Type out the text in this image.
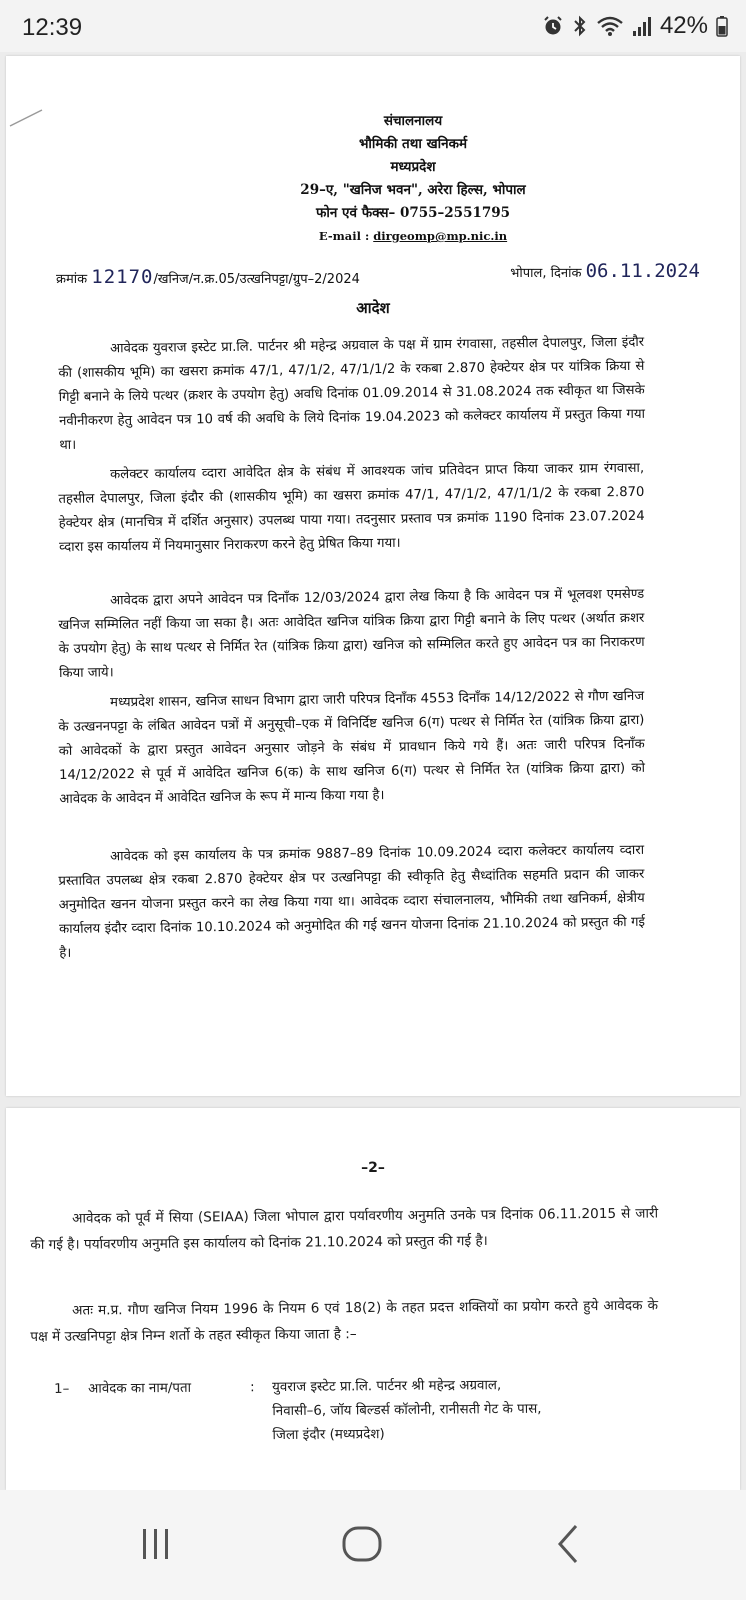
12:39	42%
संचालनालय
भौमिकी तथा खनिकर्म
मध्यप्रदेश
29–ए, "खनिज भवन", अरेरा हिल्स, भोपाल
फोन एवं फैक्स– 0755–2551795
E-mail : dirgeomp@mp.nic.in
क्रमांक 12170/खनिज/न.क्र.05/उत्खनिपट्टा/ग्रुप–2/2024	भोपाल, दिनांक 06.11.2024
आदेश
आवेदक युवराज इस्टेट प्रा.लि. पार्टनर श्री महेन्द्र अग्रवाल के पक्ष में ग्राम रंगवासा, तहसील देपालपुर, जिला इंदौर की (शासकीय भूमि) का खसरा क्रमांक 47/1, 47/1/2, 47/1/1/2 के रकबा 2.870 हेक्टेयर क्षेत्र पर यांत्रिक क्रिया से गिट्टी बनाने के लिये पत्थर (क्रशर के उपयोग हेतु) अवधि दिनांक 01.09.2014 से 31.08.2024 तक स्वीकृत था जिसके नवीनीकरण हेतु आवेदन पत्र 10 वर्ष की अवधि के लिये दिनांक 19.04.2023 को कलेक्टर कार्यालय में प्रस्तुत किया गया था।
कलेक्टर कार्यालय व्दारा आवेदित क्षेत्र के संबंध में आवश्यक जांच प्रतिवेदन प्राप्त किया जाकर ग्राम रंगवासा, तहसील देपालपुर, जिला इंदौर की (शासकीय भूमि) का खसरा क्रमांक 47/1, 47/1/2, 47/1/1/2 के रकबा 2.870 हेक्टेयर क्षेत्र (मानचित्र में दर्शित अनुसार) उपलब्ध पाया गया। तदनुसार प्रस्ताव पत्र क्रमांक 1190 दिनांक 23.07.2024 व्दारा इस कार्यालय में नियमानुसार निराकरण करने हेतु प्रेषित किया गया।
आवेदक द्वारा अपने आवेदन पत्र दिनाँक 12/03/2024 द्वारा लेख किया है कि आवेदन पत्र में भूलवश एमसेण्ड खनिज सम्मिलित नहीं किया जा सका है। अतः आवेदित खनिज यांत्रिक क्रिया द्वारा गिट्टी बनाने के लिए पत्थर (अर्थात क्रशर के उपयोग हेतु) के साथ पत्थर से निर्मित रेत (यांत्रिक क्रिया द्वारा) खनिज को सम्मिलित करते हुए आवेदन पत्र का निराकरण किया जाये।
मध्यप्रदेश शासन, खनिज साधन विभाग द्वारा जारी परिपत्र दिनाँक 4553 दिनाँक 14/12/2022 से गौण खनिज के उत्खननपट्टा के लंबित आवेदन पत्रों में अनुसूची–एक में विनिर्दिष्ट खनिज 6(ग) पत्थर से निर्मित रेत (यांत्रिक क्रिया द्वारा) को आवेदकों के द्वारा प्रस्तुत आवेदन अनुसार जोड़ने के संबंध में प्रावधान किये गये हैं। अतः जारी परिपत्र दिनाँक 14/12/2022 से पूर्व में आवेदित खनिज 6(क) के साथ खनिज 6(ग) पत्थर से निर्मित रेत (यांत्रिक क्रिया द्वारा) को आवेदक के आवेदन में आवेदित खनिज के रूप में मान्य किया गया है।
आवेदक को इस कार्यालय के पत्र क्रमांक 9887–89 दिनांक 10.09.2024 व्दारा कलेक्टर कार्यालय व्दारा प्रस्तावित उपलब्ध क्षेत्र रकबा 2.870 हेक्टेयर क्षेत्र पर उत्खनिपट्टा की स्वीकृति हेतु सैध्दांतिक सहमति प्रदान की जाकर अनुमोदित खनन योजना प्रस्तुत करने का लेख किया गया था। आवेदक व्दारा संचालनालय, भौमिकी तथा खनिकर्म, क्षेत्रीय कार्यालय इंदौर व्दारा दिनांक 10.10.2024 को अनुमोदित की गई खनन योजना दिनांक 21.10.2024 को प्रस्तुत की गई है।
–2–
आवेदक को पूर्व में सिया (SEIAA) जिला भोपाल द्वारा पर्यावरणीय अनुमति उनके पत्र दिनांक 06.11.2015 से जारी की गई है। पर्यावरणीय अनुमति इस कार्यालय को दिनांक 21.10.2024 को प्रस्तुत की गई है।
अतः म.प्र. गौण खनिज नियम 1996 के नियम 6 एवं 18(2) के तहत प्रदत्त शक्तियों का प्रयोग करते हुये आवेदक के पक्ष में उत्खनिपट्टा क्षेत्र निम्न शर्तो के तहत स्वीकृत किया जाता है :–
1– आवेदक का नाम/पता	: युवराज इस्टेट प्रा.लि. पार्टनर श्री महेन्द्र अग्रवाल,
निवासी–6, जॉय बिल्डर्स कॉलोनी, रानीसती गेट के पास,
जिला इंदौर (मध्यप्रदेश)
